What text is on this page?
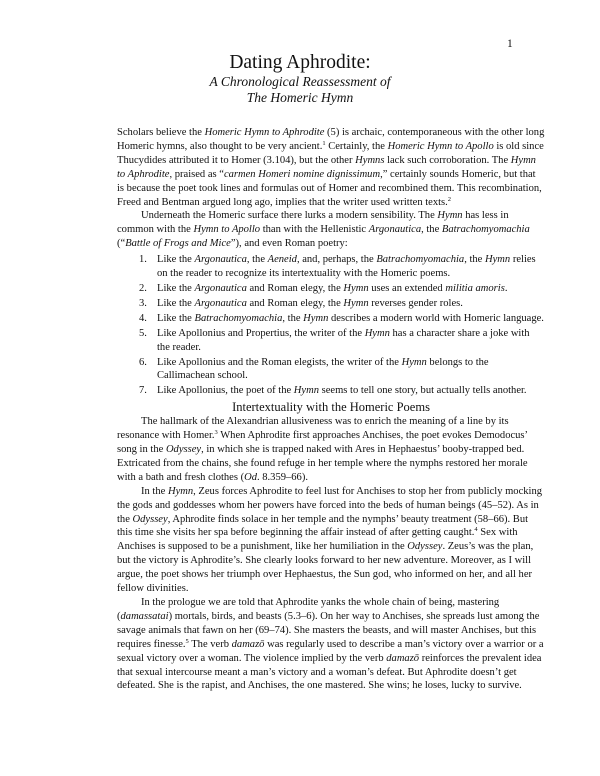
1
Dating Aphrodite:
A Chronological Reassessment of
The Homeric Hymn

Scholars believe the Homeric Hymn to Aphrodite (5) is archaic, contemporaneous with the other long Homeric hymns, also thought to be very ancient.$^1$ Certainly, the Homeric Hymn to Apollo is old since Thucydides attributed it to Homer (3.104), but the other Hymns lack such corroboration. The Hymn to Aphrodite, praised as “carmen Homeri nomine dignissimum,” certainly sounds Homeric, but that is because the poet took lines and formulas out of Homer and recombined them. This recombination, Freed and Bentman argued long ago, implies that the writer used written texts.$^2$

Underneath the Homeric surface there lurks a modern sensibility. The Hymn has less in common with the Hymn to Apollo than with the Hellenistic Argonautica, the Batrachomyomachia (“Battle of Frogs and Mice”), and even Roman poetry:

1. Like the Argonautica, the Aeneid, and, perhaps, the Batrachomyomachia, the Hymn relies on the reader to recognize its intertextuality with the Homeric poems.
2. Like the Argonautica and Roman elegy, the Hymn uses an extended militia amoris.
3. Like the Argonautica and Roman elegy, the Hymn reverses gender roles.
4. Like the Batrachomyomachia, the Hymn describes a modern world with Homeric language.
5. Like Apollonius and Propertius, the writer of the Hymn has a character share a joke with the reader.
6. Like Apollonius and the Roman elegists, the writer of the Hymn belongs to the Callimachean school.
7. Like Apollonius, the poet of the Hymn seems to tell one story, but actually tells another.
Intertextuality with the Homeric Poems

The hallmark of the Alexandrian allusiveness was to enrich the meaning of a line by its resonance with Homer.$^3$ When Aphrodite first approaches Anchises, the poet evokes Demodocus’ song in the Odyssey, in which she is trapped naked with Ares in Hephaestus’ booby-trapped bed. Extricated from the chains, she found refuge in her temple where the nymphs restored her morale with a bath and fresh clothes (Od. 8.359–66).

In the Hymn, Zeus forces Aphrodite to feel lust for Anchises to stop her from publicly mocking the gods and goddesses whom her powers have forced into the beds of human beings (45–52). As in the Odyssey, Aphrodite finds solace in her temple and the nymphs’ beauty treatment (58–66). But this time she visits her spa before beginning the affair instead of after getting caught.$^4$ Sex with Anchises is supposed to be a punishment, like her humiliation in the Odyssey. Zeus’s was the plan, but the victory is Aphrodite’s. She clearly looks forward to her new adventure. Moreover, as I will argue, the poet shows her triumph over Hephaestus, the Sun god, who informed on her, and all her fellow divinities.

In the prologue we are told that Aphrodite yanks the whole chain of being, mastering (damassatai) mortals, birds, and beasts (5.3–6). On her way to Anchises, she spreads lust among the savage animals that fawn on her (69–74). She masters the beasts, and will master Anchises, but this requires finesse.$^5$ The verb damazō was regularly used to describe a man’s victory over a warrior or a sexual victory over a woman. The violence implied by the verb damazō reinforces the prevalent idea that sexual intercourse meant a man’s victory and a woman’s defeat. But Aphrodite doesn’t get defeated. She is the rapist, and Anchises, the one mastered. She wins; he loses, lucky to survive.
